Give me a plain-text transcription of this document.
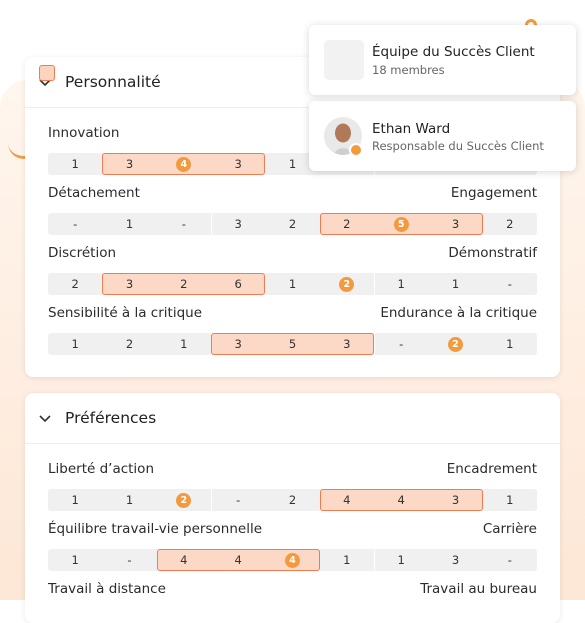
Personnalité
Innovation
1	3	4	3	1
Détachement	Engagement
-	1	-	3	2	2	5	3	2
Discrétion	Démonstratif
2	3	2	6	1	2	1	1	-
Sensibilité à la critique	Endurance à la critique
1	2	1	3	5	3	-	2	1
Préférences
Liberté d’action	Encadrement
1	1	2	-	2	4	4	3	1
Équilibre travail-vie personnelle	Carrière
1	-	4	4	4	1	1	3	-
Travail à distance	Travail au bureau
Équipe du Succès Client
18 membres
Ethan Ward
Responsable du Succès Client
